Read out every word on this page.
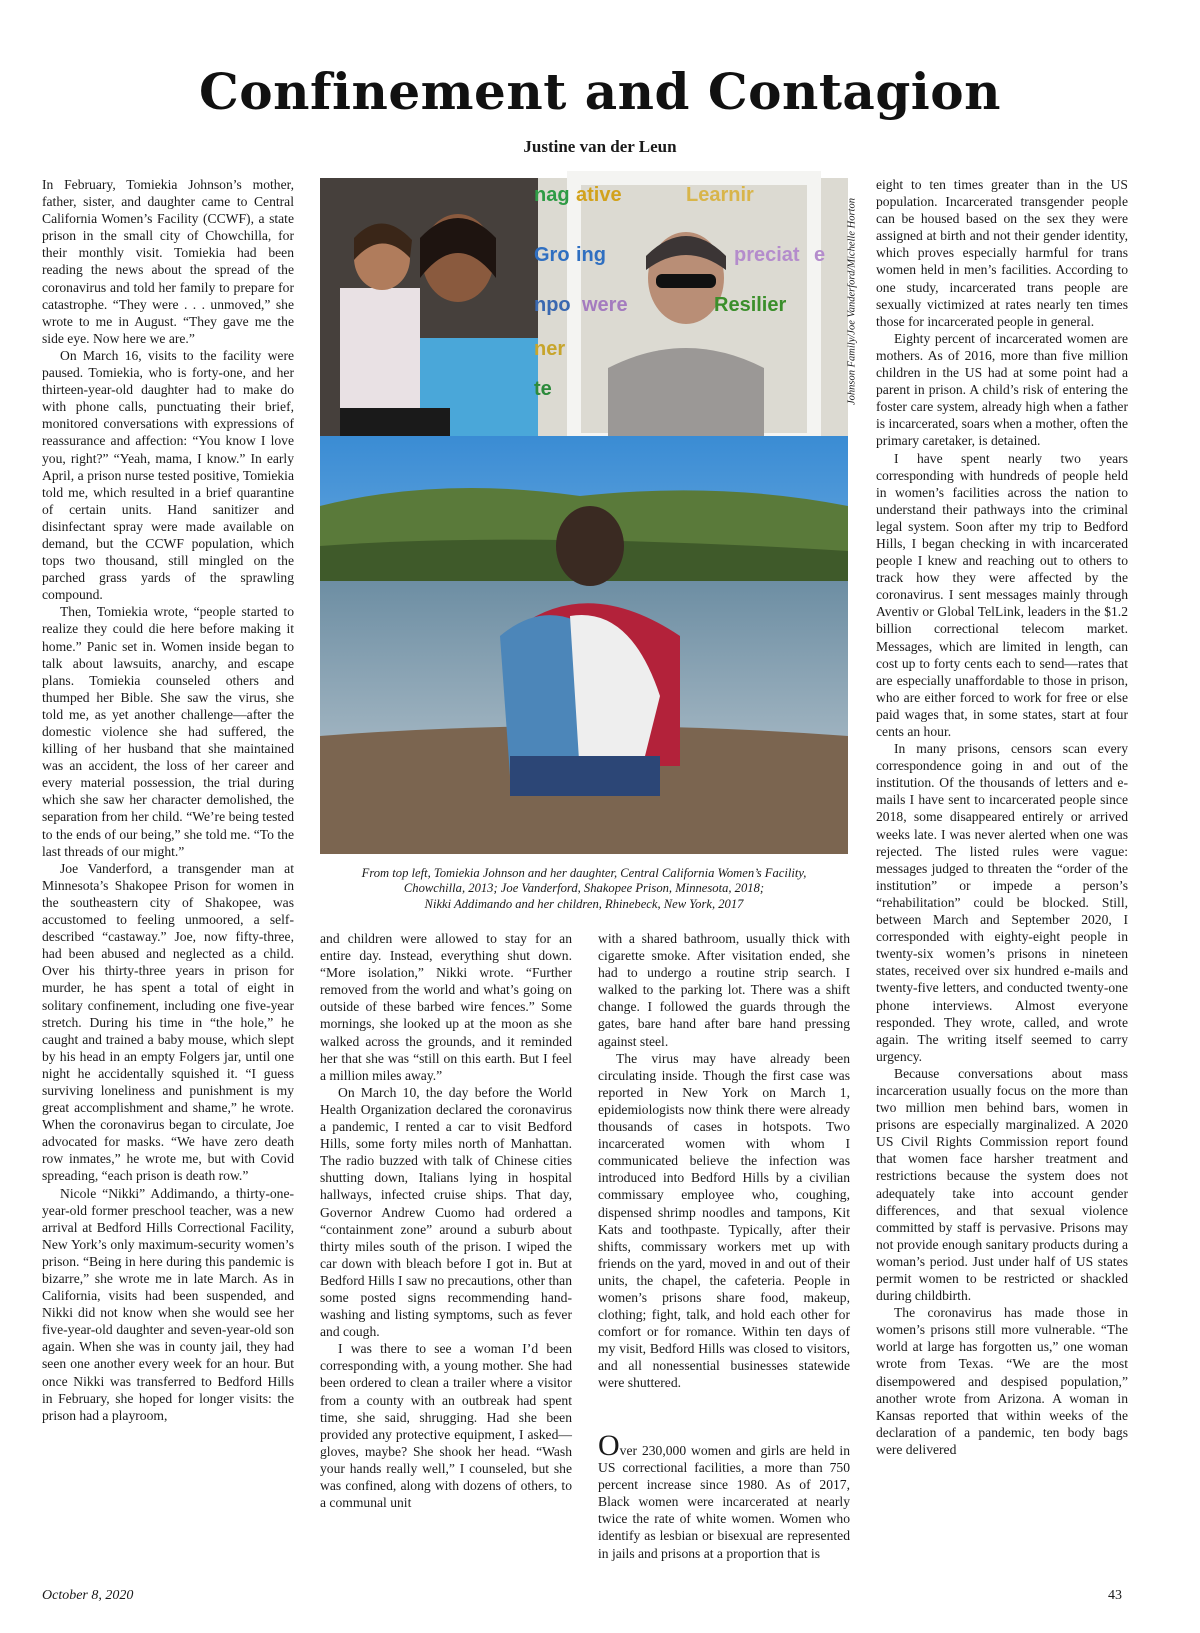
Confinement and Contagion
Justine van der Leun

In February, Tomiekia Johnson’s mother, father, sister, and daughter came to Central California Women’s Facility (CCWF), a state prison in the small city of Chowchilla, for their monthly visit. Tomiekia had been reading the news about the spread of the coronavirus and told her family to prepare for catastrophe. “They were . . . unmoved,” she wrote to me in August. “They gave me the side eye. Now here we are.”

On March 16, visits to the facility were paused. Tomiekia, who is forty-one, and her thirteen-year-old daughter had to make do with phone calls, punctuating their brief, monitored conversations with expressions of reassurance and affection: “You know I love you, right?” “Yeah, mama, I know.” In early April, a prison nurse tested positive, Tomiekia told me, which resulted in a brief quarantine of certain units. Hand sanitizer and disinfectant spray were made available on demand, but the CCWF population, which tops two thousand, still mingled on the parched grass yards of the sprawling compound.

Then, Tomiekia wrote, “people started to realize they could die here before making it home.” Panic set in. Women inside began to talk about lawsuits, anarchy, and escape plans. Tomiekia counseled others and thumped her Bible. She saw the virus, she told me, as yet another challenge—after the domestic violence she had suffered, the killing of her husband that she maintained was an accident, the loss of her career and every material possession, the trial during which she saw her character demolished, the separation from her child. “We’re being tested to the ends of our being,” she told me. “To the last threads of our might.”

Joe Vanderford, a transgender man at Minnesota’s Shakopee Prison for women in the southeastern city of Shakopee, was accustomed to feeling unmoored, a self-described “castaway.” Joe, now fifty-three, had been abused and neglected as a child. Over his thirty-three years in prison for murder, he has spent a total of eight in solitary confinement, including one five-year stretch. During his time in “the hole,” he caught and trained a baby mouse, which slept by his head in an empty Folgers jar, until one night he accidentally squished it. “I guess surviving loneliness and punishment is my great accomplishment and shame,” he wrote. When the coronavirus began to circulate, Joe advocated for masks. “We have zero death row inmates,” he wrote me, but with Covid spreading, “each prison is death row.”

Nicole “Nikki” Addimando, a thirty-one-year-old former preschool teacher, was a new arrival at Bedford Hills Correctional Facility, New York’s only maximum-security women’s prison. “Being in here during this pandemic is bizarre,” she wrote me in late March. As in California, visits had been suspended, and Nikki did not know when she would see her five-year-old daughter and seven-year-old son again. When she was in county jail, they had seen one another every week for an hour. But once Nikki was transferred to Bedford Hills in February, she hoped for longer visits: the prison had a playroom,

nag ative	Learnir
Gro ing	preciat e
npo were	Resilier
ner
te	Johnson Family/Joe Vanderford/Michelle Horton
From top left, Tomiekia Johnson and her daughter, Central California Women’s Facility,
Chowchilla, 2013; Joe Vanderford, Shakopee Prison, Minnesota, 2018;
Nikki Addimando and her children, Rhinebeck, New York, 2017

and children were allowed to stay for an entire day. Instead, everything shut down. “More isolation,” Nikki wrote. “Further removed from the world and what’s going on outside of these barbed wire fences.” Some mornings, she looked up at the moon as she walked across the grounds, and it reminded her that she was “still on this earth. But I feel a million miles away.”

On March 10, the day before the World Health Organization declared the coronavirus a pandemic, I rented a car to visit Bedford Hills, some forty miles north of Manhattan. The radio buzzed with talk of Chinese cities shutting down, Italians lying in hospital hallways, infected cruise ships. That day, Governor Andrew Cuomo had ordered a “containment zone” around a suburb about thirty miles south of the prison. I wiped the car down with bleach before I got in. But at Bedford Hills I saw no precautions, other than some posted signs recommending hand-washing and listing symptoms, such as fever and cough.

I was there to see a woman I’d been corresponding with, a young mother. She had been ordered to clean a trailer where a visitor from a county with an outbreak had spent time, she said, shrugging. Had she been provided any protective equipment, I asked—gloves, maybe? She shook her head. “Wash your hands really well,” I counseled, but she was confined, along with dozens of others, to a communal unit

with a shared bathroom, usually thick with cigarette smoke. After visitation ended, she had to undergo a routine strip search. I walked to the parking lot. There was a shift change. I followed the guards through the gates, bare hand after bare hand pressing against steel.

The virus may have already been circulating inside. Though the first case was reported in New York on March 1, epidemiologists now think there were already thousands of cases in hotspots. Two incarcerated women with whom I communicated believe the infection was introduced into Bedford Hills by a civilian commissary employee who, coughing, dispensed shrimp noodles and tampons, Kit Kats and toothpaste. Typically, after their shifts, commissary workers met up with friends on the yard, moved in and out of their units, the chapel, the cafeteria. People in women’s prisons share food, makeup, clothing; fight, talk, and hold each other for comfort or for romance. Within ten days of my visit, Bedford Hills was closed to visitors, and all nonessential businesses statewide were shuttered.

Over 230,000 women and girls are held in US correctional facilities, a more than 750 percent increase since 1980. As of 2017, Black women were incarcerated at nearly twice the rate of white women. Women who identify as lesbian or bisexual are represented in jails and prisons at a proportion that is

eight to ten times greater than in the US population. Incarcerated transgender people can be housed based on the sex they were assigned at birth and not their gender identity, which proves especially harmful for trans women held in men’s facilities. According to one study, incarcerated trans people are sexually victimized at rates nearly ten times those for incarcerated people in general.

Eighty percent of incarcerated women are mothers. As of 2016, more than five million children in the US had at some point had a parent in prison. A child’s risk of entering the foster care system, already high when a father is incarcerated, soars when a mother, often the primary caretaker, is detained.

I have spent nearly two years corresponding with hundreds of people held in women’s facilities across the nation to understand their pathways into the criminal legal system. Soon after my trip to Bedford Hills, I began checking in with incarcerated people I knew and reaching out to others to track how they were affected by the coronavirus. I sent messages mainly through Aventiv or Global TelLink, leaders in the $1.2 billion correctional telecom market. Messages, which are limited in length, can cost up to forty cents each to send—rates that are especially unaffordable to those in prison, who are either forced to work for free or else paid wages that, in some states, start at four cents an hour.

In many prisons, censors scan every correspondence going in and out of the institution. Of the thousands of letters and e-mails I have sent to incarcerated people since 2018, some disappeared entirely or arrived weeks late. I was never alerted when one was rejected. The listed rules were vague: messages judged to threaten the “order of the institution” or impede a person’s “rehabilitation” could be blocked. Still, between March and September 2020, I corresponded with eighty-eight people in twenty-six women’s prisons in nineteen states, received over six hundred e-mails and twenty-five letters, and conducted twenty-one phone interviews. Almost everyone responded. They wrote, called, and wrote again. The writing itself seemed to carry urgency.

Because conversations about mass incarceration usually focus on the more than two million men behind bars, women in prisons are especially marginalized. A 2020 US Civil Rights Commission report found that women face harsher treatment and restrictions because the system does not adequately take into account gender differences, and that sexual violence committed by staff is pervasive. Prisons may not provide enough sanitary products during a woman’s period. Just under half of US states permit women to be restricted or shackled during childbirth.

The coronavirus has made those in women’s prisons still more vulnerable. “The world at large has forgotten us,” one woman wrote from Texas. “We are the most disempowered and despised population,” another wrote from Arizona. A woman in Kansas reported that within weeks of the declaration of a pandemic, ten body bags were delivered

October 8, 2020	43
